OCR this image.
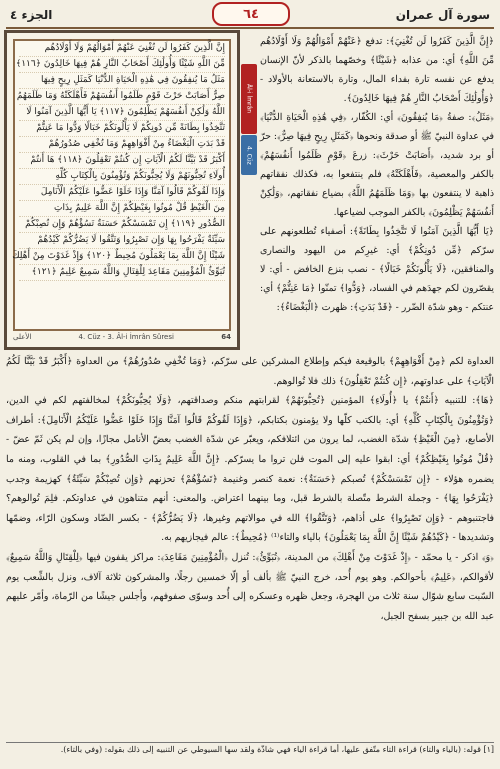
سورة آل عمران
الجزء ٤	٦٤
إِنَّ الَّذِينَ كَفَرُوا لَن تُغْنِيَ عَنْهُمْ أَمْوَالُهُمْ وَلَا أَوْلَادُهُم
مِّنَ اللَّهِ شَيْئًا وَأُولَٰئِكَ أَصْحَابُ النَّارِ هُمْ فِيهَا خَالِدُونَ ﴿١١٦﴾
مَثَلُ مَا يُنفِقُونَ فِي هَٰذِهِ الْحَيَاةِ الدُّنْيَا كَمَثَلِ رِيحٍ فِيهَا
صِرٌّ أَصَابَتْ حَرْثَ قَوْمٍ ظَلَمُوا أَنفُسَهُمْ فَأَهْلَكَتْهُ وَمَا ظَلَمَهُمُ
اللَّهُ وَلَٰكِنْ أَنفُسَهُمْ يَظْلِمُونَ ﴿١١٧﴾ يَا أَيُّهَا الَّذِينَ آمَنُوا لَا
تَتَّخِذُوا بِطَانَةً مِّن دُونِكُمْ لَا يَأْلُونَكُمْ خَبَالًا وَدُّوا مَا عَنِتُّمْ
قَدْ بَدَتِ الْبَغْضَاءُ مِنْ أَفْوَاهِهِمْ وَمَا تُخْفِي صُدُورُهُمْ
أَكْبَرُ قَدْ بَيَّنَّا لَكُمُ الْآيَاتِ إِن كُنتُمْ تَعْقِلُونَ ﴿١١٨﴾ هَا أَنتُمْ
أُولَاءِ تُحِبُّونَهُمْ وَلَا يُحِبُّونَكُمْ وَتُؤْمِنُونَ بِالْكِتَابِ كُلِّهِ
وَإِذَا لَقُوكُمْ قَالُوا آمَنَّا وَإِذَا خَلَوْا عَضُّوا عَلَيْكُمُ الْأَنَامِلَ
مِنَ الْغَيْظِ قُلْ مُوتُوا بِغَيْظِكُمْ إِنَّ اللَّهَ عَلِيمٌ بِذَاتِ
الصُّدُورِ ﴿١١٩﴾ إِن تَمْسَسْكُمْ حَسَنَةٌ تَسُؤْهُمْ وَإِن تُصِبْكُمْ
سَيِّئَةٌ يَفْرَحُوا بِهَا وَإِن تَصْبِرُوا وَتَتَّقُوا لَا يَضُرُّكُمْ كَيْدُهُمْ
شَيْئًا إِنَّ اللَّهَ بِمَا يَعْمَلُونَ مُحِيطٌ ﴿١٢٠﴾ وَإِذْ غَدَوْتَ مِنْ أَهْلِكَ
تُبَوِّئُ الْمُؤْمِنِينَ مَقَاعِدَ لِلْقِتَالِ وَاللَّهُ سَمِيعٌ عَلِيمٌ ﴿١٢١﴾
الأعلى	4. Cüz - 3. Âl-i İmrân Sûresi	64
Āl-i İmrân
4. Cüz

﴿إِنَّ الَّذِينَ كَفَرُوا لَن تُغْنِيَ﴾: تدفع ﴿عَنْهُمْ أَمْوَالُهُمْ وَلَا أَوْلَادُهُم مِّنَ اللَّهِ﴾ أي: من عذابه ﴿شَيْئًا﴾ وخصّهما بالذكر لأنّ الإنسان يدفع عن نفسه تارة بفداء المال، وتارة بالاستعانة بالأولاد - ﴿وَأُولَٰئِكَ أَصْحَابُ النَّارِ هُمْ فِيهَا خَالِدُونَ﴾.

﴿مَثَلُ﴾: صفةُ ﴿مَا يُنفِقُونَ﴾ أي: الكُفّار، ﴿فِي هَٰذِهِ الْحَيَاةِ الدُّنْيَا﴾ في عداوة النبيّ ﷺ أو صدقة ونحوها ﴿كَمَثَلِ رِيحٍ فِيهَا صِرٌّ﴾: حرّ أو برد شديد، ﴿أَصَابَتْ حَرْثَ﴾: زرعَ ﴿قَوْمٍ ظَلَمُوا أَنفُسَهُمْ﴾ بالكفر والمعصية، ﴿فَأَهْلَكَتْهُ﴾ فلم ينتفعوا به، فكذلك نفقاتهم ذاهبة لا ينتفعون بها ﴿وَمَا ظَلَمَهُمُ اللَّهُ﴾ بضياع نفقاتهم، ﴿وَلَٰكِنْ أَنفُسَهُمْ يَظْلِمُونَ﴾ بالكفر الموجب لضياعها.

﴿يَا أَيُّهَا الَّذِينَ آمَنُوا لَا تَتَّخِذُوا بِطَانَةً﴾: أصفياء تُطلعونهم على سرّكم ﴿مِّن دُونِكُمْ﴾ أي: غيرِكم من اليهود والنصارى والمنافقين، ﴿لَا يَأْلُونَكُمْ خَبَالًا﴾ - نصب بنزع الخافض - أي: لا يقصّرون لكم جهدَهم في الفساد، ﴿وَدُّوا﴾ تمنّوا ﴿مَا عَنِتُّمْ﴾ أي: عنتكم - وهو شدّة الضّرر - ﴿قَدْ بَدَتِ﴾: ظهرت ﴿الْبَغْضَاءُ﴾:

العداوة لكم ﴿مِنْ أَفْوَاهِهِمْ﴾ بالوقيعة فيكم وإطلاع المشركين على سرّكم، ﴿وَمَا تُخْفِي صُدُورُهُمْ﴾ من العداوة ﴿أَكْبَرُ قَدْ بَيَّنَّا لَكُمُ الْآيَاتِ﴾ على عداوتهم، ﴿إِن كُنتُمْ تَعْقِلُونَ﴾ ذلك فلا تُوالوهم.

﴿هَا﴾: للتنبيه ﴿أَنتُمْ﴾ يا ﴿أُولَاءِ﴾ المؤمنين ﴿تُحِبُّونَهُمْ﴾ لقرابتهم منكم وصداقتهم، ﴿وَلَا يُحِبُّونَكُمْ﴾ لمخالفتهم لكم في الدين، ﴿وَتُؤْمِنُونَ بِالْكِتَابِ كُلِّهِ﴾ أي: بالكتب كلّها ولا يؤمنون بكتابكم، ﴿وَإِذَا لَقُوكُمْ قَالُوا آمَنَّا وَإِذَا خَلَوْا عَضُّوا عَلَيْكُمُ الْأَنَامِلَ﴾: أطراف الأصابع، ﴿مِنَ الْغَيْظِ﴾ شدّة الغضب، لما يرون من ائتلافكم، ويعبّر عن شدّة الغضب بعضّ الأنامل مجازًا، وإن لم يكن ثَمّ عضّ - ﴿قُلْ مُوتُوا بِغَيْظِكُمْ﴾ أي: ابقوا عليه إلى الموت فلن تروا ما يسرّكم. ﴿إِنَّ اللَّهَ عَلِيمٌ بِذَاتِ الصُّدُورِ﴾ بما في القلوب، ومنه ما يضمره هؤلاء - ﴿إِن تَمْسَسْكُمْ﴾ تُصبكم ﴿حَسَنَةٌ﴾: نعمة كنصر وغنيمة ﴿تَسُؤْهُمْ﴾ تحزنهم ﴿وَإِن تُصِبْكُمْ سَيِّئَةٌ﴾ كهزيمة وجدب ﴿يَفْرَحُوا بِهَا﴾ - وجملة الشرط متّصلة بالشرط قبل، وما بينهما اعتراض. والمعنى: أنهم متناهون في عداوتكم. فلِمَ تُوالوهم؟ فاجتنبوهم - ﴿وَإِن تَصْبِرُوا﴾ على أذاهم، ﴿وَتَتَّقُوا﴾ الله في موالاتهم وغيرها، ﴿لَا يَضُرُّكُمْ﴾ - بكسر الضّاد وسكون الرّاء، وضمّها وتشديدها - ﴿كَيْدُهُمْ شَيْئًا إِنَّ اللَّهَ بِمَا يَعْمَلُونَ﴾ بالياء والتاء⁽¹⁾ ﴿مُحِيطٌ﴾: عالم فيجازيهم به.

﴿وَ﴾ اذكر - يا محمّد - ﴿إِذْ غَدَوْتَ مِنْ أَهْلِكَ﴾ من المدينة، ﴿تُبَوِّئُ﴾: تُنزل ﴿الْمُؤْمِنِينَ مَقَاعِدَ﴾: مراكز يقفون فيها ﴿لِلْقِتَالِ وَاللَّهُ سَمِيعٌ﴾ لأقوالكم، ﴿عَلِيمٌ﴾ بأحوالكم. وهو يوم أُحد، خرج النبيّ ﷺ بألف أو إلّا خمسين رجلًا، والمشركون ثلاثة آلاف، ونزل بالشِّعب يوم السّبت سابع شوّال سنة ثلاث من الهجرة، وجعل ظهره وعسكره إلى أُحد وسوّى صفوفهم، وأجلس جيشًا من الرّماة، وأمّر عليهم عبد الله بن جبير بسفح الجبل،

[١] قوله: (بالياء والتاء) قراءة التاء متّفق عليها، أما قراءة الياء فهي شاذّة ولقد سها السيوطي عن التنبيه إلى ذلك بقوله: (وفي بالتاء).
